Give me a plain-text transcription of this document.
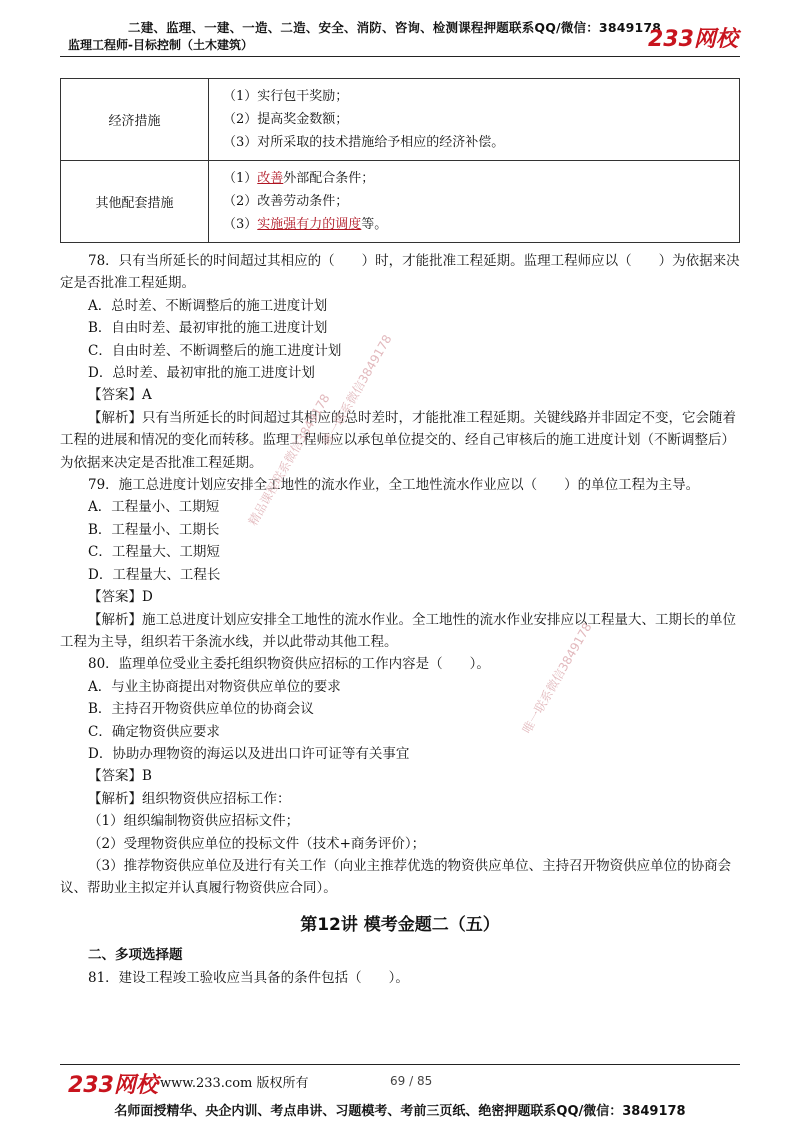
二建、监理、一建、一造、二造、安全、消防、咨询、检测课程押题联系QQ/微信：3849178
233网校
监理工程师-目标控制（土木建筑）
经济措施	（1）实行包干奖励；
（2）提高奖金数额；
（3）对所采取的技术措施给予相应的经济补偿。

其他配套措施	（1）改善外部配合条件；
（2）改善劳动条件；
（3）实施强有力的调度等。

78．只有当所延长的时间超过其相应的（　　）时，才能批准工程延期。监理工程师应以（　　）为依据来决定是否批准工程延期。

A．总时差、不断调整后的施工进度计划

B．自由时差、最初审批的施工进度计划

C．自由时差、不断调整后的施工进度计划

D．总时差、最初审批的施工进度计划

【答案】A

【解析】只有当所延长的时间超过其相应的总时差时，才能批准工程延期。关键线路并非固定不变，它会随着工程的进展和情况的变化而转移。监理工程师应以承包单位提交的、经自己审核后的施工进度计划（不断调整后）为依据来决定是否批准工程延期。

79．施工总进度计划应安排全工地性的流水作业，全工地性流水作业应以（　　）的单位工程为主导。

A．工程量小、工期短

B．工程量小、工期长

C．工程量大、工期短

D．工程量大、工程长

【答案】D

【解析】施工总进度计划应安排全工地性的流水作业。全工地性的流水作业安排应以工程量大、工期长的单位工程为主导，组织若干条流水线，并以此带动其他工程。

80．监理单位受业主委托组织物资供应招标的工作内容是（　　）。

A．与业主协商提出对物资供应单位的要求

B．主持召开物资供应单位的协商会议

C．确定物资供应要求

D．协助办理物资的海运以及进出口许可证等有关事宜

【答案】B

【解析】组织物资供应招标工作：

（1）组织编制物资供应招标文件；

（2）受理物资供应单位的投标文件（技术+商务评价）；

（3）推荐物资供应单位及进行有关工作（向业主推荐优选的物资供应单位、主持召开物资供应单位的协商会议、帮助业主拟定并认真履行物资供应合同）。

第12讲 模考金题二（五）

二、多项选择题

81．建设工程竣工验收应当具备的条件包括（　　）。

精品课程联系微信3849178
唯一联系微信3849178
唯一联系微信3849178
233网校 www.233.com 版权所有	69 / 85
名师面授精华、央企内训、考点串讲、习题模考、考前三页纸、绝密押题联系QQ/微信：3849178
